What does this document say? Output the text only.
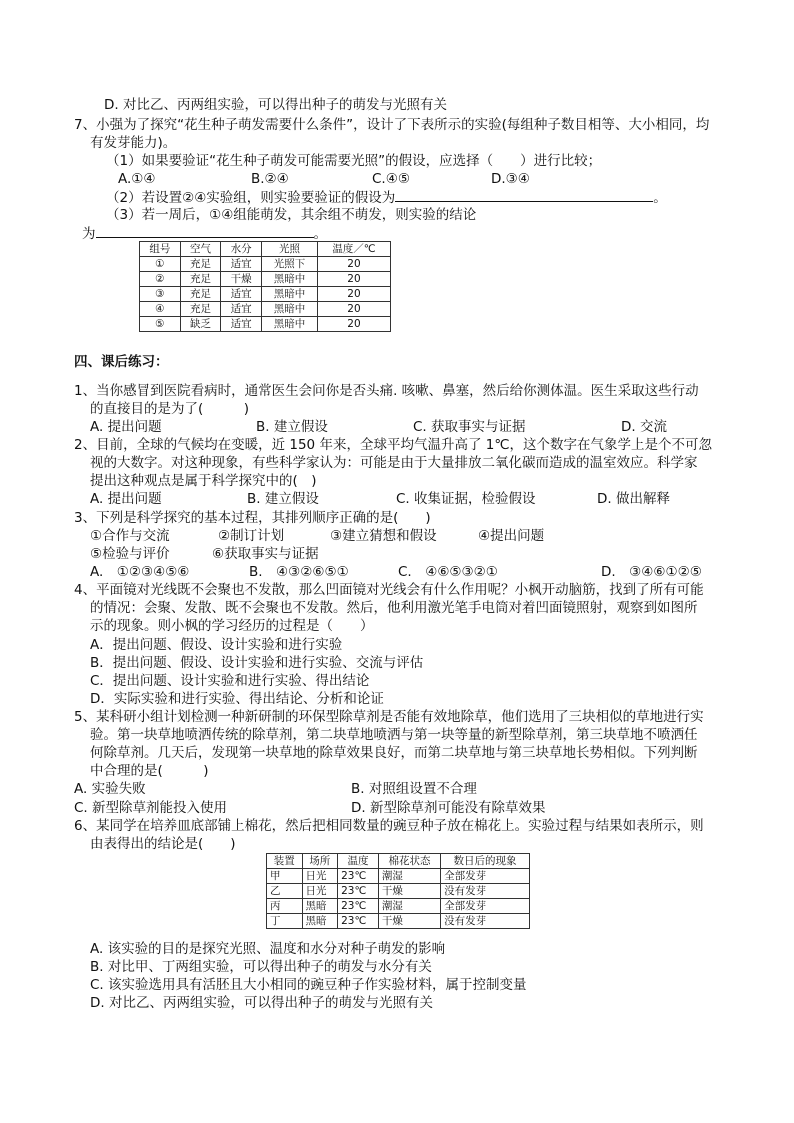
D. 对比乙、丙两组实验，可以得出种子的萌发与光照有关
7、小强为了探究“花生种子萌发需要什么条件”，设计了下表所示的实验(每组种子数目相等、大小相同，均
有发芽能力)。
（1）如果要验证“花生种子萌发可能需要光照”的假设，应选择（　　）进行比较；
A.①④	B.②④	C.④⑤	D.③④
（2）若设置②④实验组，则实验要验证的假设为	。
（3）若一周后，①④组能萌发，其余组不萌发，则实验的结论
为	。
组号	空气	水分	光照	温度／℃
①	充足	适宜	光照下	20
②	充足	干燥	黑暗中	20
③	充足	适宜	黑暗中	20
④	充足	适宜	黑暗中	20
⑤	缺乏	适宜	黑暗中	20
四、课后练习：
1、当你感冒到医院看病时，通常医生会问你是否头痛. 咳嗽、鼻塞，然后给你测体温。医生采取这些行动
的直接目的是为了(　　　)
A. 提出问题	B. 建立假设	C. 获取事实与证据	D. 交流
2、目前，全球的气候均在变暖，近 150 年来，全球平均气温升高了 1℃，这个数字在气象学上是个不可忽
视的大数字。对这种现象，有些科学家认为：可能是由于大量排放二氧化碳而造成的温室效应。科学家
提出这种观点是属于科学探究中的(　)
A. 提出问题	B. 建立假设	C. 收集证据，检验假设	D. 做出解释
3、下列是科学探究的基本过程，其排列顺序正确的是(　　)
①合作与交流	②制订计划	③建立猜想和假设	④提出问题
⑤检验与评价	⑥获取事实与证据
A.　①②③④⑤⑥	B.　④③②⑥⑤①	C.　④⑥⑤③②①	D.　③④⑥①②⑤
4、平面镜对光线既不会聚也不发散，那么凹面镜对光线会有什么作用呢？小枫开动脑筋，找到了所有可能
的情况：会聚、发散、既不会聚也不发散。然后，他利用激光笔手电筒对着凹面镜照射，观察到如图所
示的现象。则小枫的学习经历的过程是（　　）
A．提出问题、假设、设计实验和进行实验
B．提出问题、假设、设计实验和进行实验、交流与评估
C．提出问题、设计实验和进行实验、得出结论
D．实际实验和进行实验、得出结论、分析和论证
5、某科研小组计划检测一种新研制的环保型除草剂是否能有效地除草，他们选用了三块相似的草地进行实
验。第一块草地喷洒传统的除草剂，第二块草地喷洒与第一块等量的新型除草剂，第三块草地不喷洒任
何除草剂。几天后，发现第一块草地的除草效果良好，而第二块草地与第三块草地长势相似。下列判断
中合理的是(　　　)
A. 实验失败	B. 对照组设置不合理
C. 新型除草剂能投入使用	D. 新型除草剂可能没有除草效果
6、某同学在培养皿底部铺上棉花，然后把相同数量的豌豆种子放在棉花上。实验过程与结果如表所示，则
由表得出的结论是(　　)
装置	场所	温度	棉花状态	数日后的现象
甲	日光	23℃	潮湿	全部发芽
乙	日光	23℃	干燥	没有发芽
丙	黑暗	23℃	潮湿	全部发芽
丁	黑暗	23℃	干燥	没有发芽
A. 该实验的目的是探究光照、温度和水分对种子萌发的影响
B. 对比甲、丁两组实验，可以得出种子的萌发与水分有关
C. 该实验选用具有活胚且大小相同的豌豆种子作实验材料，属于控制变量
D. 对比乙、丙两组实验，可以得出种子的萌发与光照有关
